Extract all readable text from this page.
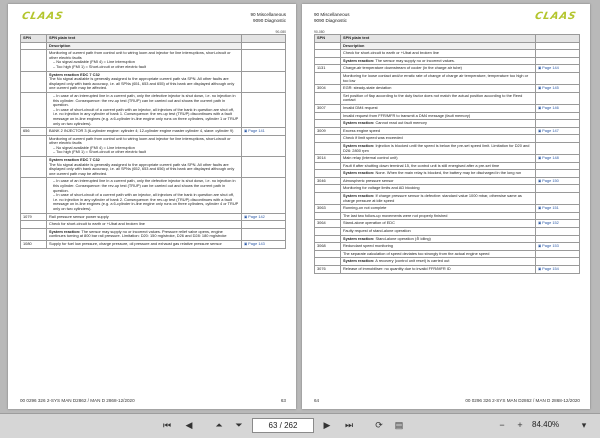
90 Miscellaneous
9090 Diagnostic
CLAAS
90-080
SPN	SPN plain text	
	Description	
	Monitoring of current path from control unit to wiring loom and injector for line interruptions, short-circuit or other electric faults
– No signal available (FMI 4) = Line interruption
– Too high (FMI 1) = Short-circuit or other electric fault	

	System reaction EDC 7 C32
The No signal available is generally assigned to the appropriate current path via SPN. All other faults are displayed only with bank accuracy, i.e. all SPNs (651, 653 and 655) of this bank are displayed although only one current path may be affected.	

	– In case of an interrupted line in a current path, only the defective injector is shut down, i.e. no injection in this cylinder. Consequence: the rev-up test (TRUP) can be carried out and shows the current path in question.
– In case of short-circuit of a current path with an injector, all injectors of the bank in question are shut off, i.e. no injection in any cylinder of bank 1. Consequence: the rev-up test (TRUP) discontinues with a fault message on in-line engines (e.g. a 6-cylinder in-line engine only runs on three cylinders, cylinder 1 or TRUP only on two cylinders).	

656	BANK 2 INJECTOR 3 (6-cylinder engine: cylinder 4; 12-cylinder engine master cylinder 4, slave: cylinder 9)	▣ Page 141
	Monitoring of current path from control unit to wiring loom and injector for line interruptions, short-circuit or other electric faults
– No signal available (FMI 4) = Line interruption
– Too high (FMI 1) = Short-circuit or other electric fault	

	System reaction EDC 7 C32
The No signal available is generally assigned to the appropriate current path via SPN. All other faults are displayed only with bank accuracy, i.e. all SPNs (652, 653 and 656) of this bank are displayed although only one current path may be affected.	

	– In case of an interrupted line in a current path, only the defective injector is shut down, i.e. no injection in this cylinder. Consequence: the rev-up test (TRUP) can be carried out and shows the current path in question.
– In case of short-circuit of a current path with an injector, all injectors of the bank in question are shut off, i.e. no injection in any cylinder of bank 2. Consequence: the rev-up test (TRUP) discontinues with a fault message on in-line engines (e.g. a 6-cylinder in-line engine only runs on three cylinders, cylinder 4 or TRUP only on two cylinders).	

1079	Rail pressure sensor power supply	▣ Page 142
	Check for short-circuit to earth or +Ubat and broken line	
	System reaction: The sensor may supply no or incorrect values. Pressure relief valve opens, engine continues turning at 800 bar rail pressure. Limitation: D20: 150 mg/stroke, D26 and D28: 180 mg/stroke	
1080	Supply for fuel low pressure, charge pressure, oil pressure and exhaust gas relative pressure sensor	▣ Page 143
00 0296 326 2-SYS MAN D2862 / MAN D 2868-12/2020	63
90 Miscellaneous
9090 Diagnostic	CLAAS
90-080
SPN	SPN plain text	
	Description	
	Check for short-circuit to earth or +Ubat and broken line	
	System reaction: The sensor may supply no or incorrect values.	
1131	Charge-air temperature downstream of cooler (in the charge air tube)	▣ Page 144
	Monitoring for loose contact and/or erratic rate of change of charge air temperature, temperature too high or too low	
3004	EGR: steady-state deviation	▣ Page 145
	Set position of flap according to the duty factor does not match the actual position according to the Reed contact	
3007	Invalid DM4 request	▣ Page 146
	Invalid request from FFR/MFR to transmit a DM4 message (fault memory)	
	System reaction: Cannot read out fault memory	
3009	Excess engine speed	▣ Page 147
	Check if limit speed was exceeded	
	System reaction: Injection is blocked until the speed is below the pre-set speed limit. Limitation for D20 and D26: 2800 rpm	
3014	Main relay (internal control unit)	▣ Page 148
	Fault if after shutting down terminal 15, the control unit is still energised after a pre-set time	
	System reaction: None. When the main relay is blocked, the battery may be discharged in the long run	
3046	Atmospheric pressure sensor	▣ Page 150
	Monitoring for voltage limits and AD blocking	
	System reaction: If charge pressure sensor is defective: standard value 1000 mbar, otherwise same as charge pressure at idle speed	
3063	Running-on not complete	▣ Page 151
	The last two follow-up movements were not properly finished	
3064	Stand-alone operation of EDC	▣ Page 152
	Faulty request of stand-alone operation	
	System reaction: Stand-alone operation (≙ idling)	
3068	Redundant speed monitoring	▣ Page 153
	The separate calculation of speed deviates too strongly from the actual engine speed	
	System reaction: A recovery (control unit reset) is carried out	
3076	Release of immobiliser: no quantity due to invalid FFR/MFR ID	▣ Page 154
64	00 0296 326 2-SYS MAN D2862 / MAN D 2868-12/2020
⏮	◀	⏶	⏷	63 / 262	▶	⏭	⟳	▤	−	+	84.40%	▾
